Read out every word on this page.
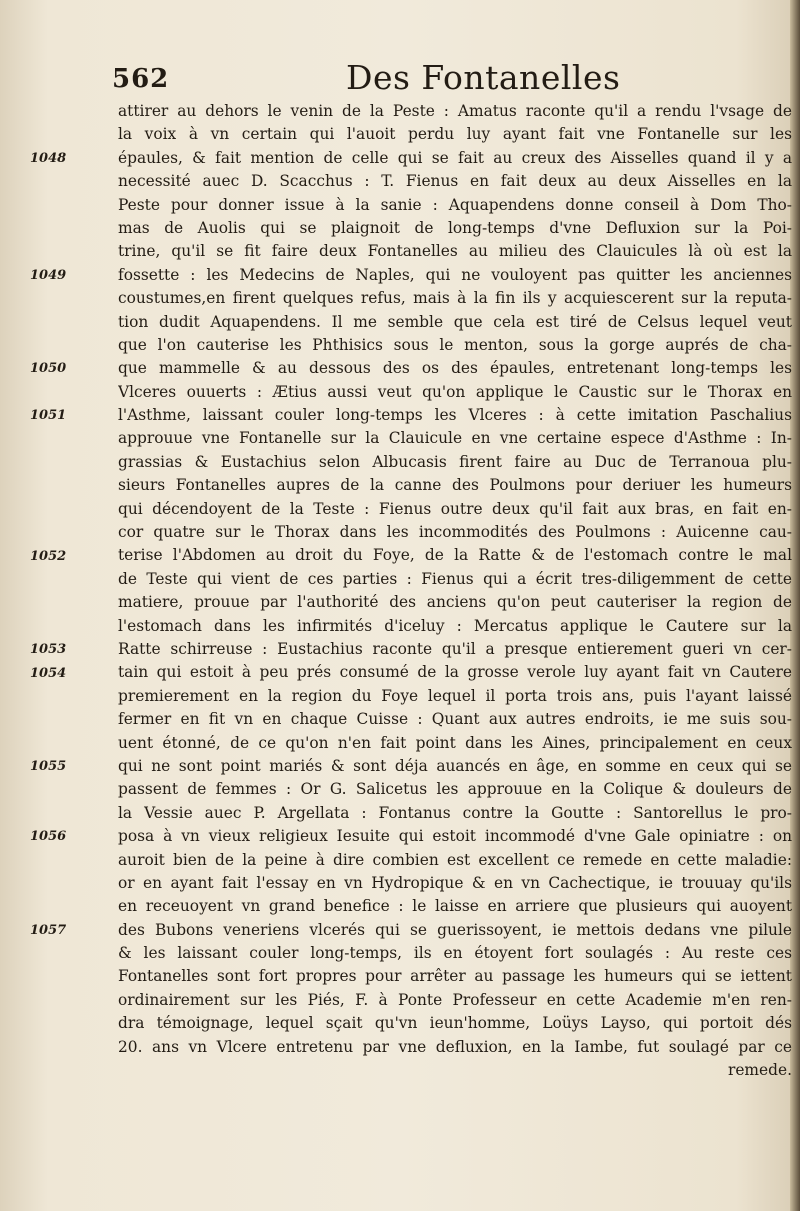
562	Des Fontanelles
attirer au dehors le venin de la Peste : Amatus raconte qu'il a rendu l'vsage de
la voix à vn certain qui l'auoit perdu luy ayant fait vne Fontanelle sur les
épaules, & fait mention de celle qui se fait au creux des Aisselles quand il y a
necessité auec D. Scacchus : T. Fienus en fait deux au deux Aisselles en la
Peste pour donner issue à la sanie : Aquapendens donne conseil à Dom Tho-
mas de Auolis qui se plaignoit de long-temps d'vne Defluxion sur la Poi-
trine, qu'il se fit faire deux Fontanelles au milieu des Clauicules là où est la
fossette : les Medecins de Naples, qui ne vouloyent pas quitter les anciennes
coustumes,en firent quelques refus, mais à la fin ils y acquiescerent sur la reputa-
tion dudit Aquapendens. Il me semble que cela est tiré de Celsus lequel veut
que l'on cauterise les Phthisics sous le menton, sous la gorge auprés de cha-
que mammelle & au dessous des os des épaules, entretenant long-temps les
Vlceres ouuerts : Ætius aussi veut qu'on applique le Caustic sur le Thorax en
l'Asthme, laissant couler long-temps les Vlceres : à cette imitation Paschalius
approuue vne Fontanelle sur la Clauicule en vne certaine espece d'Asthme : In-
grassias & Eustachius selon Albucasis firent faire au Duc de Terranoua plu-
sieurs Fontanelles aupres de la canne des Poulmons pour deriuer les humeurs
qui décendoyent de la Teste : Fienus outre deux qu'il fait aux bras, en fait en-
cor quatre sur le Thorax dans les incommodités des Poulmons : Auicenne cau-
terise l'Abdomen au droit du Foye, de la Ratte & de l'estomach contre le mal
de Teste qui vient de ces parties : Fienus qui a écrit tres-diligemment de cette
matiere, prouue par l'authorité des anciens qu'on peut cauteriser la region de
l'estomach dans les infirmités d'iceluy : Mercatus applique le Cautere sur la
Ratte schirreuse : Eustachius raconte qu'il a presque entierement gueri vn cer-
tain qui estoit à peu prés consumé de la grosse verole luy ayant fait vn Cautere
premierement en la region du Foye lequel il porta trois ans, puis l'ayant laissé
fermer en fit vn en chaque Cuisse : Quant aux autres endroits, ie me suis sou-
uent étonné, de ce qu'on n'en fait point dans les Aines, principalement en ceux
qui ne sont point mariés & sont déja auancés en âge, en somme en ceux qui se
passent de femmes : Or G. Salicetus les approuue en la Colique & douleurs de
la Vessie auec P. Argellata : Fontanus contre la Goutte : Santorellus le pro-
posa à vn vieux religieux Iesuite qui estoit incommodé d'vne Gale opiniatre : on
auroit bien de la peine à dire combien est excellent ce remede en cette maladie:
or en ayant fait l'essay en vn Hydropique & en vn Cachectique, ie trouuay qu'ils
en receuoyent vn grand benefice : le laisse en arriere que plusieurs qui auoyent
des Bubons veneriens vlcerés qui se guerissoyent, ie mettois dedans vne pilule
& les laissant couler long-temps, ils en étoyent fort soulagés : Au reste ces
Fontanelles sont fort propres pour arrêter au passage les humeurs qui se iettent
ordinairement sur les Piés, F. à Ponte Professeur en cette Academie m'en ren-
dra témoignage, lequel sçait qu'vn ieun'homme, Loüys Layso, qui portoit dés
20. ans vn Vlcere entretenu par vne defluxion, en la Iambe, fut soulagé par ce
remede.
1048
1049
1050
1051
1052
1053
1054
1055
1056
1057
